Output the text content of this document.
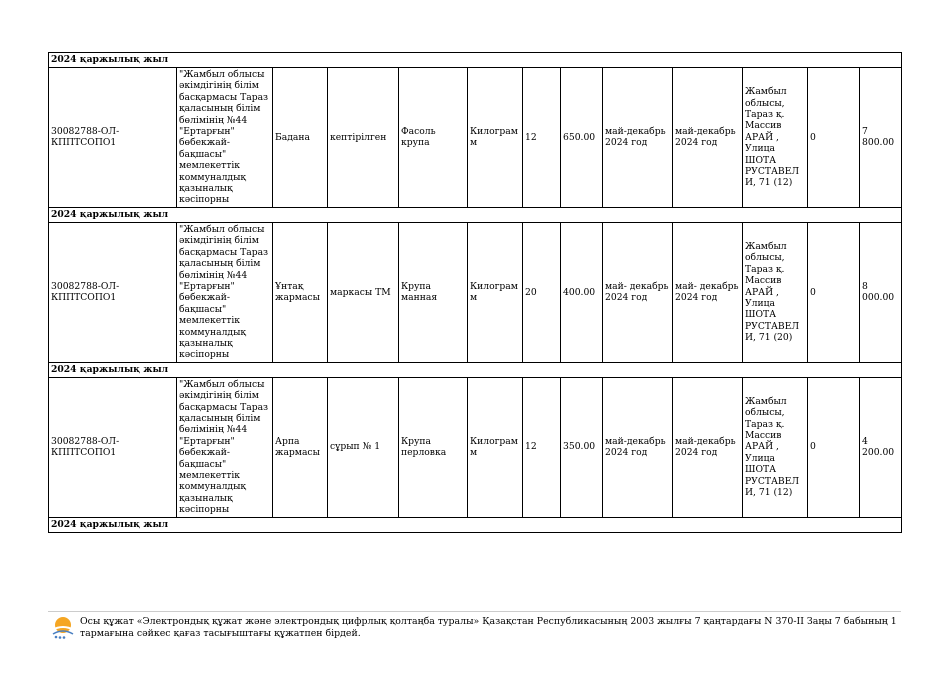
2024 қаржылық жыл												
30082788-ОЛ-КППТСОПО1	"Жамбыл облысы әкімдігінің білім басқармасы Тараз қаласының білім бөлімінің №44 "Ертарғын" бөбекжай-бақшасы" мемлекеттік коммуналдық қазыналық кәсіпорны	Бадана	кептірілген	Фасоль крупа	Килограмм	12	650.00	май-декабрь 2024 год	май-декабрь 2024 год	Жамбыл облысы, Тараз қ. Массив АРАЙ , Улица ШОТА РУСТАВЕЛИ, 71 (12)	0	7 800.00
2024 қаржылық жыл												
30082788-ОЛ-КППТСОПО1	"Жамбыл облысы әкімдігінің білім басқармасы Тараз қаласының білім бөлімінің №44 "Ертарғын" бөбекжай-бақшасы" мемлекеттік коммуналдық қазыналық кәсіпорны	Ұнтақ жармасы	маркасы ТМ	Крупа манная	Килограмм	20	400.00	май- декабрь 2024 год	май- декабрь 2024 год	Жамбыл облысы, Тараз қ. Массив АРАЙ , Улица ШОТА РУСТАВЕЛИ, 71 (20)	0	8 000.00
2024 қаржылық жыл												
30082788-ОЛ-КППТСОПО1	"Жамбыл облысы әкімдігінің білім басқармасы Тараз қаласының білім бөлімінің №44 "Ертарғын" бөбекжай-бақшасы" мемлекеттік коммуналдық қазыналық кәсіпорны	Арпа жармасы	сұрып № 1	Крупа перловка	Килограмм	12	350.00	май-декабрь 2024 год	май-декабрь 2024 год	Жамбыл облысы, Тараз қ. Массив АРАЙ , Улица ШОТА РУСТАВЕЛИ, 71 (12)	0	4 200.00
2024 қаржылық жыл												
Осы құжат «Электрондық құжат және электрондық цифрлық қолтаңба туралы» Қазақстан Республикасының 2003 жылғы 7 қаңтардағы N 370-II Заңы 7 бабының 1 тармағына сәйкес қағаз тасығыштағы құжатпен бірдей.
